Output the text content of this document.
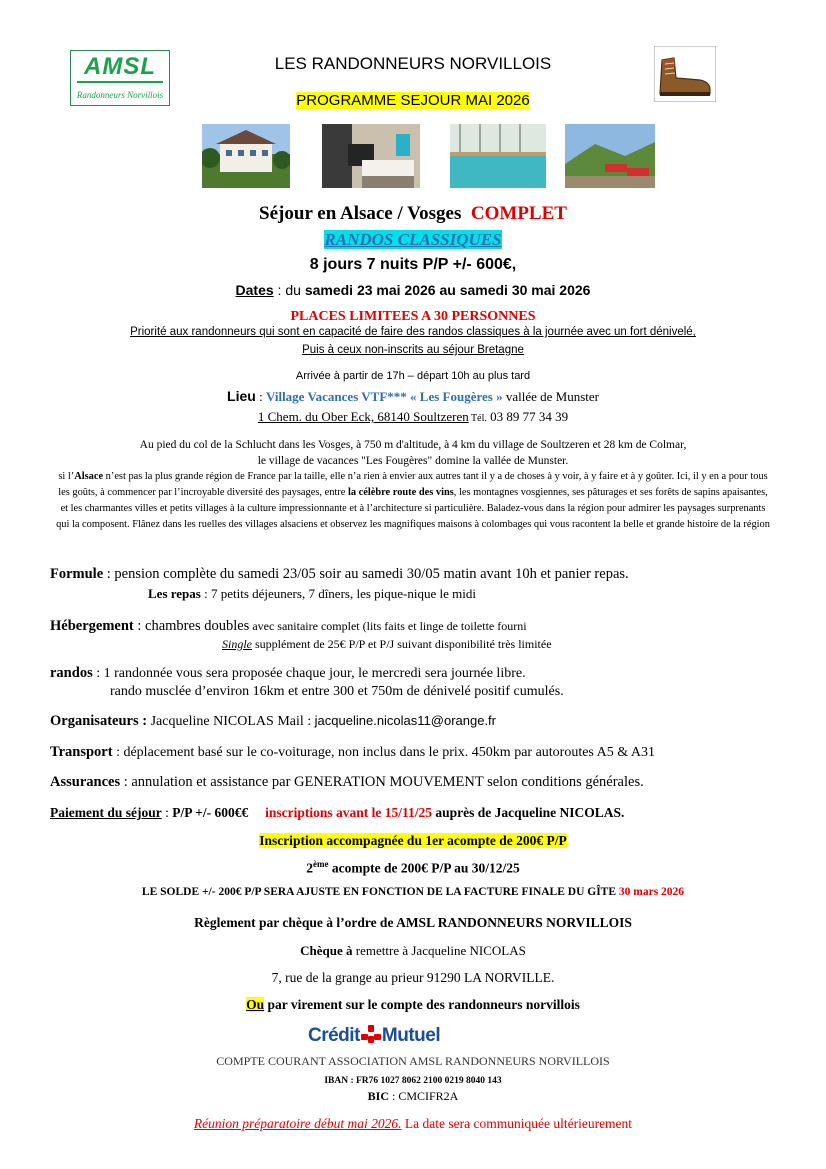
AMSL
Randonneurs Norvillois
LES RANDONNEURS NORVILLOIS
PROGRAMME SEJOUR MAI 2026
Séjour en Alsace / Vosges COMPLET
RANDOS CLASSIQUES
8 jours 7 nuits P/P +/- 600€,
Dates : du samedi 23 mai 2026 au samedi 30 mai 2026
PLACES LIMITEES A 30 PERSONNES
Priorité aux randonneurs qui sont en capacité de faire des randos classiques à la journée avec un fort dénivelé,
Puis à ceux non-inscrits au séjour Bretagne
Arrivée à partir de 17h – départ 10h au plus tard
Lieu : Village Vacances VTF*** « Les Fougères » vallée de Munster
1 Chem. du Ober Eck, 68140 Soultzeren Tél. 03 89 77 34 39

Au pied du col de la Schlucht dans les Vosges, à 750 m d'altitude, à 4 km du village de Soultzeren et 28 km de Colmar,

le village de vacances "Les Fougères" domine la vallée de Munster.

si l’Alsace n’est pas la plus grande région de France par la taille, elle n’a rien à envier aux autres tant il y a de choses à y voir, à y faire et à y goûter. Ici, il y en a pour tous les goûts, à commencer par l’incroyable diversité des paysages, entre la célèbre route des vins, les montagnes vosgiennes, ses pâturages et ses forêts de sapins apaisantes, et les charmantes villes et petits villages à la culture impressionnante et à l’architecture si particulière. Baladez-vous dans la région pour admirer les paysages surprenants qui la composent. Flânez dans les ruelles des villages alsaciens et observez les magnifiques maisons à colombages qui vous racontent la belle et grande histoire de la région
Formule : pension complète du samedi 23/05 soir au samedi 30/05 matin avant 10h et panier repas.
Les repas : 7 petits déjeuners, 7 dîners, les pique-nique le midi
Hébergement : chambres doubles avec sanitaire complet (lits faits et linge de toilette fourni
Single supplément de 25€ P/P et P/J suivant disponibilité très limitée
randos : 1 randonnée vous sera proposée chaque jour, le mercredi sera journée libre.
rando musclée d’environ 16km et entre 300 et 750m de dénivelé positif cumulés.
Organisateurs : Jacqueline NICOLAS Mail : jacqueline.nicolas11@orange.fr
Transport : déplacement basé sur le co-voiturage, non inclus dans le prix. 450km par autoroutes A5 & A31
Assurances : annulation et assistance par GENERATION MOUVEMENT selon conditions générales.
Paiement du séjour : P/P +/- 600€€ inscriptions avant le 15/11/25 auprès de Jacqueline NICOLAS.
Inscription accompagnée du 1er acompte de 200€ P/P
2ème acompte de 200€ P/P au 30/12/25
LE SOLDE +/- 200€ P/P SERA AJUSTE EN FONCTION DE LA FACTURE FINALE DU GÎTE 30 mars 2026
Règlement par chèque à l’ordre de AMSL RANDONNEURS NORVILLOIS
Chèque à remettre à Jacqueline NICOLAS
7, rue de la grange au prieur 91290 LA NORVILLE.
Ou par virement sur le compte des randonneurs norvillois
Crédit Mutuel
COMPTE COURANT ASSOCIATION AMSL RANDONNEURS NORVILLOIS
IBAN : FR76 1027 8062 2100 0219 8040 143
BIC : CMCIFR2A
Réunion préparatoire début mai 2026. La date sera communiquée ultérieurement
